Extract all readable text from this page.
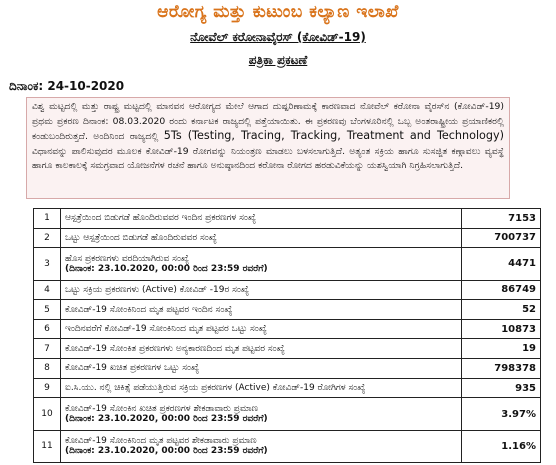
ಆರೋಗ್ಯ ಮತ್ತು ಕುಟುಂಬ ಕಲ್ಯಾಣ ಇಲಾಖೆ
ನೋವೆಲ್ ಕರೋನಾವೈರಸ್ (ಕೋವಿಡ್-19)
ಪತ್ರಿಕಾ ಪ್ರಕಟಣೆ
ದಿನಾಂಕ: 24-10-2020
ವಿಶ್ವ ಮಟ್ಟದಲ್ಲಿ ಮತ್ತು ರಾಷ್ಟ್ರ ಮಟ್ಟದಲ್ಲಿ ಮಾನವನ ಆರೋಗ್ಯದ ಮೇಲೆ ಆಗಾದ ದುಷ್ಪರಿಣಾಮಕ್ಕೆ ಕಾರಣವಾದ ನೋವೆಲ್ ಕರೋನಾ ವೈರಸ್‌ನ (ಕೋವಿಡ್-19) ಪ್ರಥಮ ಪ್ರಕರಣ ದಿನಾಂಕ: 08.03.2020 ರಂದು ಕರ್ನಾಟಕ ರಾಜ್ಯದಲ್ಲಿ ಪತ್ತೆಯಾಯಿತು. ಈ ಪ್ರಕರಣವು ಬೆಂಗಳೂರಿನಲ್ಲಿ ಒಬ್ಬ ಅಂತರಾಷ್ಟ್ರೀಯ ಪ್ರಯಾಣಿಕರಲ್ಲಿ ಕಂಡುಬಂದಿರುತ್ತದೆ. ಅಂದಿನಿಂದ ರಾಜ್ಯದಲ್ಲಿ 5Ts (Testing, Tracing, Tracking, Treatment and Technology) ವಿಧಾನವನ್ನು ಪಾಲಿಸುವುದರ ಮೂಲಕ ಕೋವಿಡ್-19 ರೋಗವನ್ನು ನಿಯಂತ್ರಣ ಮಾಡಲು ಬಳಸಲಾಗುತ್ತಿದೆ. ಅತ್ಯಂತ ಸಕ್ರಿಯ ಹಾಗೂ ಸುಸಜ್ಜಿತ ಕಣ್ಗಾವಲು ವ್ಯವಸ್ಥೆ ಹಾಗೂ ಕಾಲಕಾಲಕ್ಕೆ ಸಮಗ್ರವಾದ ಯೋಜನೆಗಳ ರಚನೆ ಹಾಗೂ ಅನುಷ್ಠಾನದಿಂದ ಕರೋನಾ ರೋಗದ ಹರಡುವಿಕೆಯನ್ನು ಯಶಸ್ವಿಯಾಗಿ ನಿಗ್ರಹಿಸಲಾಗುತ್ತಿದೆ.
1	ಆಸ್ಪತ್ರೆಯಿಂದ ಬಿಡುಗಡೆ ಹೊಂದಿರುವವರ ಇಂದಿನ ಪ್ರಕರಣಗಳ ಸಂಖ್ಯೆ	7153
2	ಒಟ್ಟು ಆಸ್ಪತ್ರೆಯಿಂದ ಬಿಡುಗಡೆ ಹೊಂದಿರುವವರ ಸಂಖ್ಯೆ	700737
3	ಹೊಸ ಪ್ರಕರಣಗಳು ವರದಿಯಾಗಿರುವ ಸಂಖ್ಯೆ
(ದಿನಾಂಕ: 23.10.2020, 00:00 ರಿಂದ 23:59 ರವರೆಗೆ)	4471
4	ಒಟ್ಟು ಸಕ್ರಿಯ ಪ್ರಕರಣಗಳು (Active) ಕೋವಿಡ್ -19ರ ಸಂಖ್ಯೆ	86749
5	ಕೋವಿಡ್-19 ಸೋಂಕಿನಿಂದ ಮೃತ ಪಟ್ಟವರ ಇಂದಿನ ಸಂಖ್ಯೆ	52
6	ಇಂದಿನವರೆಗೆ ಕೋವಿಡ್-19 ಸೋಂಕಿನಿಂದ ಮೃತ ಪಟ್ಟವರ ಒಟ್ಟು ಸಂಖ್ಯೆ	10873
7	ಕೋವಿಡ್-19 ಸೋಂಕಿತ ಪ್ರಕರಣಗಳು ಅನ್ಯಕಾರಣದಿಂದ ಮೃತ ಪಟ್ಟವರ ಸಂಖ್ಯೆ	19
8	ಕೋವಿಡ್-19 ಖಚಿತ ಪ್ರಕರಣಗಳ ಒಟ್ಟು ಸಂಖ್ಯೆ	798378
9	ಐ.ಸಿ.ಯು. ನಲ್ಲಿ ಚಿಕಿತ್ಸೆ ಪಡೆಯುತ್ತಿರುವ ಸಕ್ರಿಯ ಪ್ರಕರಣಗಳ (Active) ಕೋವಿಡ್-19 ರೋಗಿಗಳ ಸಂಖ್ಯೆ	935
10	ಕೋವಿಡ್-19 ಸೋಂಕಿನ ಖಚಿತ ಪ್ರಕರಣಗಳ ಶೇಕಡಾವಾರು ಪ್ರಮಾಣ
(ದಿನಾಂಕ: 23.10.2020, 00:00 ರಿಂದ 23:59 ರವರೆಗೆ)	3.97%
11	ಕೋವಿಡ್-19 ಸೋಂಕಿನಿಂದ ಮೃತ ಪಟ್ಟವರ ಶೇಕಡಾವಾರು ಪ್ರಮಾಣ
(ದಿನಾಂಕ: 23.10.2020, 00:00 ರಿಂದ 23:59 ರವರೆಗೆ)	1.16%
